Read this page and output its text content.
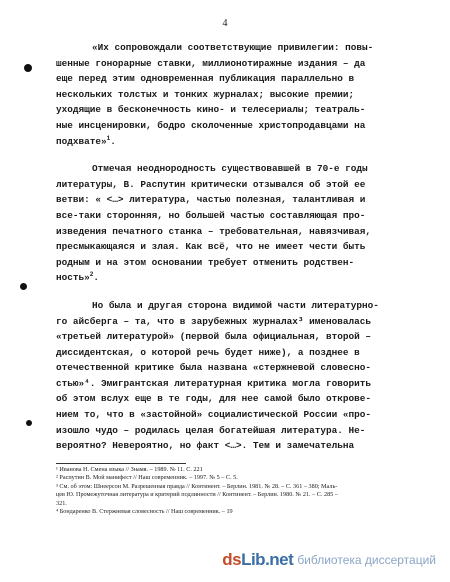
4

«Их сопровождали соответствующие привилегии: повы-
шенные гонорарные ставки, миллионотиражные издания – да
еще перед этим одновременная публикация параллельно в
нескольких толстых и тонких журналах; высокие премии;
уходящие в бесконечность кино- и телесериалы; театраль-
ные инсценировки, бодро сколоченные христопродавцами на
подхвате»$^1$.

Отмечая неоднородность существовавшей в 70-е годы
литературы, В. Распутин критически отзывался об этой ее
ветви: « <…> литература, частью полезная, талантливая и
все-таки сторонняя, но большей частью составляющая про-
изведения печатного станка – требовательная, навязчивая,
пресмыкающаяся и злая. Как всё, что не имеет чести быть
родным и на этом основании требует отменить родствен-
ность»$^2$.

Но была и другая сторона видимой части литературно-
го айсберга – та, что в зарубежных журналах³ именовалась
«третьей литературой» (первой была официальная, второй –
диссидентская, о которой речь будет ниже), а позднее в
отечественной критике была названа «стержневой словесно-
стью»⁴. Эмигрантская литературная критика могла говорить
об этом вслух еще в те годы, для нее самой было открове-
нием то, что в «застойной» социалистической России «про-
изошло чудо – родилась целая богатейшая литература. Не-
вероятно? Невероятно, но факт <…>. Тем и замечательна

¹ Иванова Н. Смена языка // Знамя. – 1989. № 11. С. 221
² Распутин В. Мой манифест // Наш современник. – 1997. № 5 – С. 5.
³ См. об этом: Шнеерсон М. Разрешенная правда // Континент. – Берлин. 1981. № 28. – С. 361 – 380; Маль-
цев Ю. Промежуточная литература и критерий подлинности // Континент. – Берлин. 1980. № 21. – С. 285 –
321.
⁴ Бондаренко В. Стержневая словесность // Наш современник. – 19
dsLib.net библиотека диссертаций
